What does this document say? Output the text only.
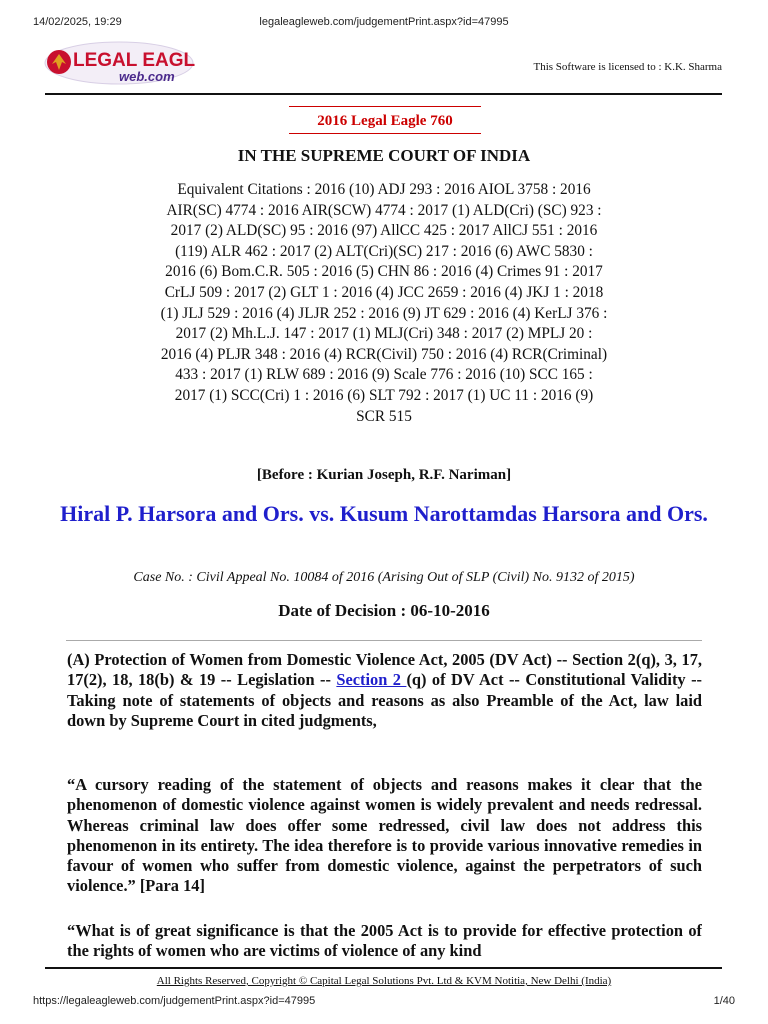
14/02/2025, 19:29	legaleagleweb.com/judgementPrint.aspx?id=47995
LEGAL EAGLE
web.com
This Software is licensed to : K.K. Sharma
2016 Legal Eagle 760
IN THE SUPREME COURT OF INDIA
Equivalent Citations : 2016 (10) ADJ 293 : 2016 AIOL 3758 : 2016 AIR(SC) 4774 : 2016 AIR(SCW) 4774 : 2017 (1) ALD(Cri) (SC) 923 : 2017 (2) ALD(SC) 95 : 2016 (97) AllCC 425 : 2017 AllCJ 551 : 2016 (119) ALR 462 : 2017 (2) ALT(Cri)(SC) 217 : 2016 (6) AWC 5830 : 2016 (6) Bom.C.R. 505 : 2016 (5) CHN 86 : 2016 (4) Crimes 91 : 2017 CrLJ 509 : 2017 (2) GLT 1 : 2016 (4) JCC 2659 : 2016 (4) JKJ 1 : 2018 (1) JLJ 529 : 2016 (4) JLJR 252 : 2016 (9) JT 629 : 2016 (4) KerLJ 376 : 2017 (2) Mh.L.J. 147 : 2017 (1) MLJ(Cri) 348 : 2017 (2) MPLJ 20 : 2016 (4) PLJR 348 : 2016 (4) RCR(Civil) 750 : 2016 (4) RCR(Criminal) 433 : 2017 (1) RLW 689 : 2016 (9) Scale 776 : 2016 (10) SCC 165 : 2017 (1) SCC(Cri) 1 : 2016 (6) SLT 792 : 2017 (1) UC 11 : 2016 (9) SCR 515
[Before : Kurian Joseph, R.F. Nariman]
Hiral P. Harsora and Ors. vs. Kusum Narottamdas Harsora and Ors.
Case No. : Civil Appeal No. 10084 of 2016 (Arising Out of SLP (Civil) No. 9132 of 2015)
Date of Decision : 06-10-2016
(A) Protection of Women from Domestic Violence Act, 2005 (DV Act) -- Section 2(q), 3, 17, 17(2), 18, 18(b) & 19 -- Legislation -- Section 2 (q) of DV Act -- Constitutional Validity -- Taking note of statements of objects and reasons as also Preamble of the Act, law laid down by Supreme Court in cited judgments,
“A cursory reading of the statement of objects and reasons makes it clear that the phenomenon of domestic violence against women is widely prevalent and needs redressal. Whereas criminal law does offer some redressed, civil law does not address this phenomenon in its entirety. The idea therefore is to provide various innovative remedies in favour of women who suffer from domestic violence, against the perpetrators of such violence.” [Para 14]
“What is of great significance is that the 2005 Act is to provide for effective protection of the rights of women who are victims of violence of any kind
All Rights Reserved, Copyright © Capital Legal Solutions Pvt. Ltd & KVM Notitia, New Delhi (India)
https://legaleagleweb.com/judgementPrint.aspx?id=47995	1/40
